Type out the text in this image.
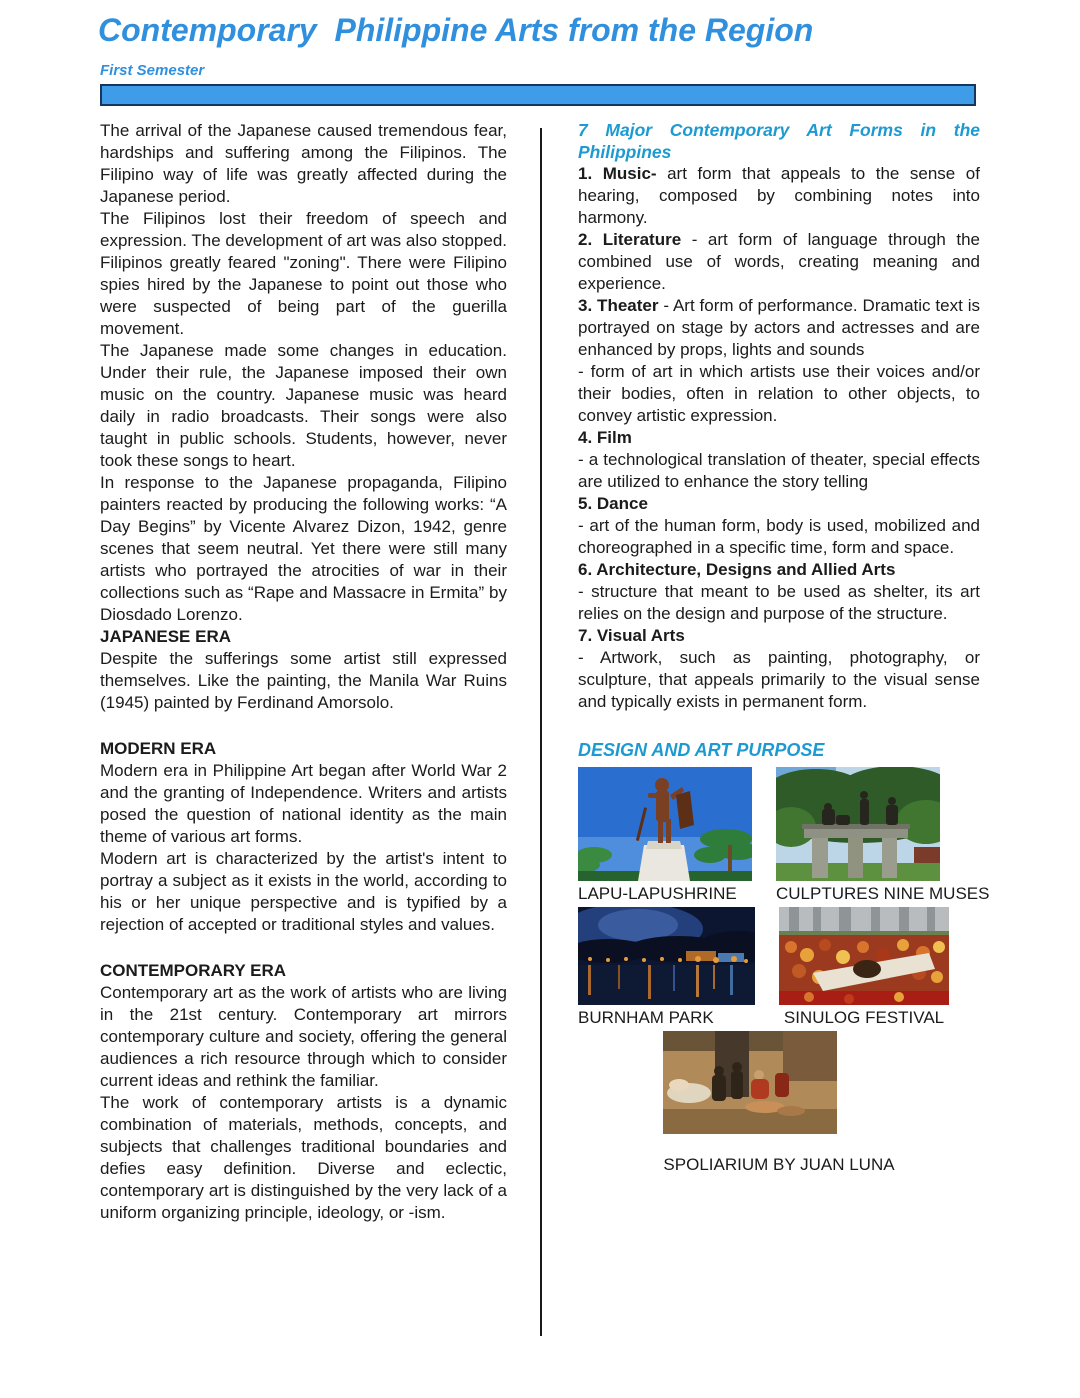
Contemporary  Philippine Arts from the Region
First Semester

The arrival of the Japanese caused tremendous fear, hardships and suffering among the Filipinos. The Filipino way of life was greatly affected during the Japanese period.

The Filipinos lost their freedom of speech and expression. The development of art was also stopped. Filipinos greatly feared "zoning". There were Filipino spies hired by the Japanese to point out those who were suspected of being part of the guerilla movement.

The Japanese made some changes in education. Under their rule, the Japanese imposed their own music on the country. Japanese music was heard daily in radio broadcasts. Their songs were also taught in public schools. Students, however, never took these songs to heart.

In response to the Japanese propaganda, Filipino painters reacted by producing the following works: “A Day Begins” by Vicente Alvarez Dizon, 1942, genre scenes that seem neutral. Yet there were still many artists who portrayed the atrocities of war in their collections such as “Rape and Massacre in Ermita” by Diosdado Lorenzo.

JAPANESE ERA

Despite the sufferings some artist still expressed themselves. Like the painting, the Manila War Ruins (1945) painted by Ferdinand Amorsolo.

MODERN ERA

Modern era in Philippine Art began after World War 2 and the granting of Independence. Writers and artists posed the question of national identity as the main theme of various art forms.

Modern art is characterized by the artist's intent to portray a subject as it exists in the world, according to his or her unique perspective and is typified by a rejection of accepted or traditional styles and values.

CONTEMPORARY ERA

Contemporary art as the work of artists who are living in the 21st century. Contemporary art mirrors contemporary culture and society, offering the general audiences a rich resource through which to consider current ideas and rethink the familiar.

The work of contemporary artists is a dynamic combination of materials, methods, concepts, and subjects that challenges traditional boundaries and defies easy definition. Diverse and eclectic, contemporary art is distinguished by the very lack of a uniform organizing principle, ideology, or -ism.

7 Major Contemporary Art Forms in the Philippines

1. Music- art form that appeals to the sense of hearing, composed by combining notes into harmony.

2. Literature - art form of language through the combined use of words, creating meaning and experience.

3. Theater - Art form of performance. Dramatic text is portrayed on stage by actors and actresses and are enhanced by props, lights and sounds

- form of art in which artists use their voices and/or their bodies, often in relation to other objects, to convey artistic expression.

4. Film

- a technological translation of theater, special effects are utilized to enhance the story telling

5. Dance

- art of the human form, body is used, mobilized and choreographed in a specific time, form and space.

6. Architecture, Designs and Allied Arts

- structure that meant to be used as shelter, its art relies on the design and purpose of the structure.

7. Visual Arts

- Artwork, such as painting, photography, or sculpture, that appeals primarily to the visual sense and typically exists in permanent form.

DESIGN AND ART PURPOSE

LAPU-LAPUSHRINE	CULPTURES NINE MUSES
BURNHAM PARK	SINULOG FESTIVAL
SPOLIARIUM BY JUAN LUNA
